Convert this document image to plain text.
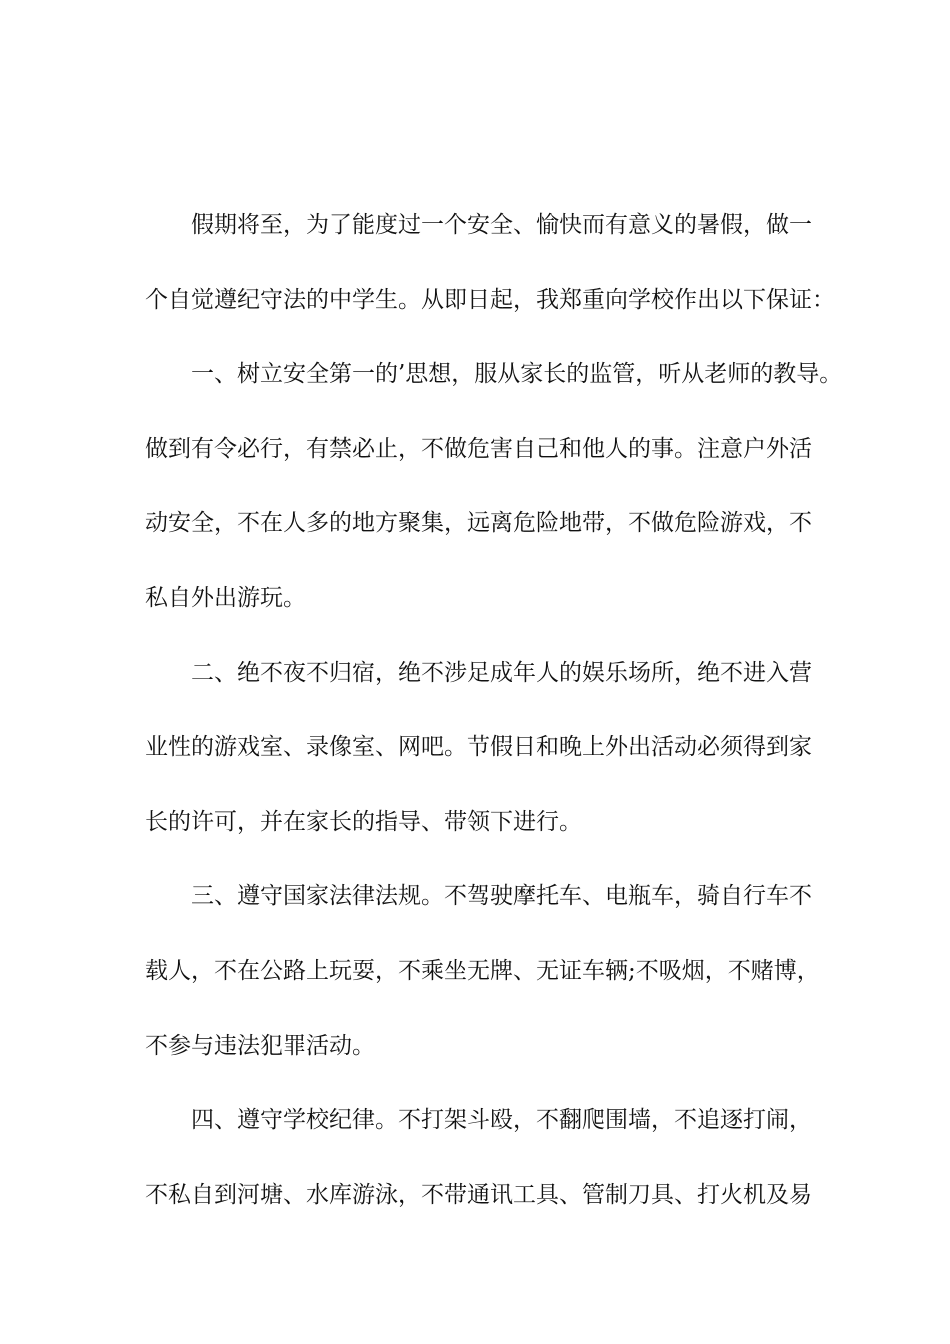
假期将至，为了能度过一个安全、愉快而有意义的暑假，做一
个自觉遵纪守法的中学生。从即日起，我郑重向学校作出以下保证：
一、树立安全第一的’思想，服从家长的监管，听从老师的教导。
做到有令必行，有禁必止，不做危害自己和他人的事。注意户外活
动安全，不在人多的地方聚集，远离危险地带，不做危险游戏，不
私自外出游玩。
二、绝不夜不归宿，绝不涉足成年人的娱乐场所，绝不进入营
业性的游戏室、录像室、网吧。节假日和晚上外出活动必须得到家
长的许可，并在家长的指导、带领下进行。
三、遵守国家法律法规。不驾驶摩托车、电瓶车，骑自行车不
载人，不在公路上玩耍，不乘坐无牌、无证车辆;不吸烟，不赌博，
不参与违法犯罪活动。
四、遵守学校纪律。不打架斗殴，不翻爬围墙，不追逐打闹，
不私自到河塘、水库游泳，不带通讯工具、管制刀具、打火机及易
